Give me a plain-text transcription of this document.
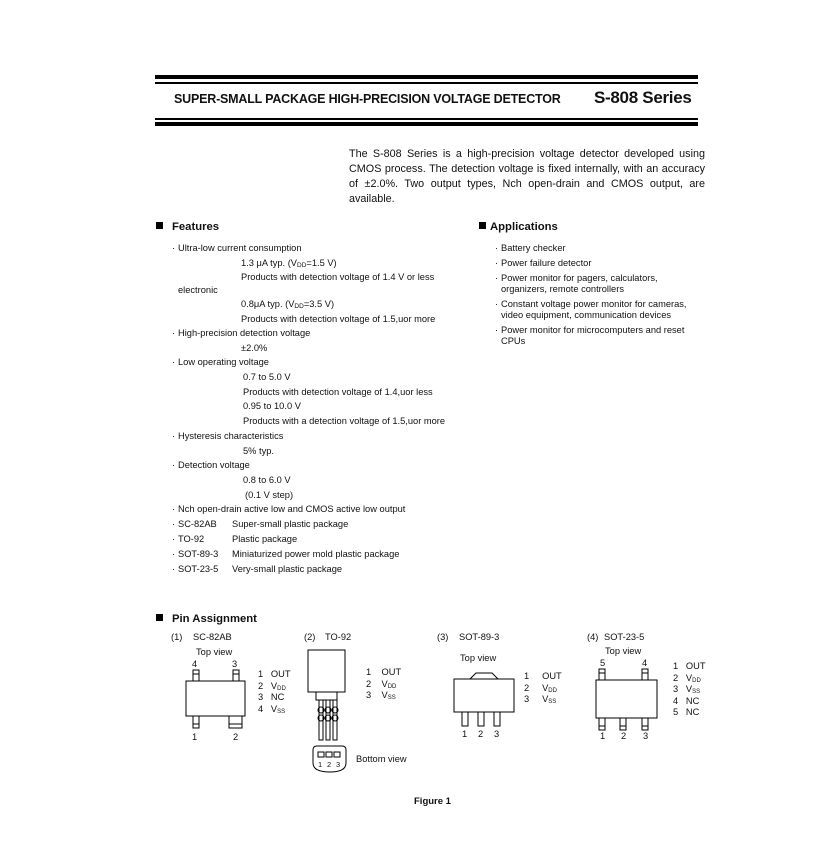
SUPER-SMALL PACKAGE HIGH-PRECISION VOLTAGE DETECTOR S-808 Series
The S-808 Series is a high-precision voltage detector developed using CMOS process. The detection voltage is fixed internally, with an accuracy of ±2.0%. Two output types, Nch open-drain and CMOS output, are available.
Features
· Ultra-low current consumption
1.3 μA typ. ($V_{DD}=1.5$ V)
Products with detection voltage of 1.4 V or less
electronic
0.8μA typ. ($V_{DD}=3.5$ V)
Products with detection voltage of 1.5,uor more
· High-precision detection voltage
±2.0%
· Low operating voltage
0.7 to 5.0 V
Products with detection voltage of 1.4,uor less
0.95 to 10.0 V
Products with a detection voltage of 1.5,uor more
· Hysteresis characteristics
5% typ.
· Detection voltage
0.8 to 6.0 V
(0.1 V step)
· Nch open-drain active low and CMOS active low output
· SC-82AB Super-small plastic package
· TO-92	Plastic package
· SOT-89-3 Miniaturized power mold plastic package
· SOT-23-5 Very-small plastic package
Applications
· Battery checker
· Power failure detector
· Power monitor for pagers, calculators,
organizers, remote controllers
· Constant voltage power monitor for cameras,
video equipment, communication devices
· Power monitor for microcomputers and reset
CPUs
Pin Assignment
(1) SC-82AB	(2) TO-92	(3) SOT-89-3	(4) SOT-23-5
Top view
4	3
1	2
1 OUT
2 $V_{DD}$
3 NC
4 $V_{SS}$
1 OUT
2 $V_{DD}$
3 $V_{SS}$
1 2 3
Bottom view
Top view
1 2 3
1 OUT
2 $V_{DD}$
3 $V_{SS}$
Top view
5	4
1 2 3
1 OUT
2 $V_{DD}$
3 $V_{SS}$
4 NC
5 NC
Figure 1
